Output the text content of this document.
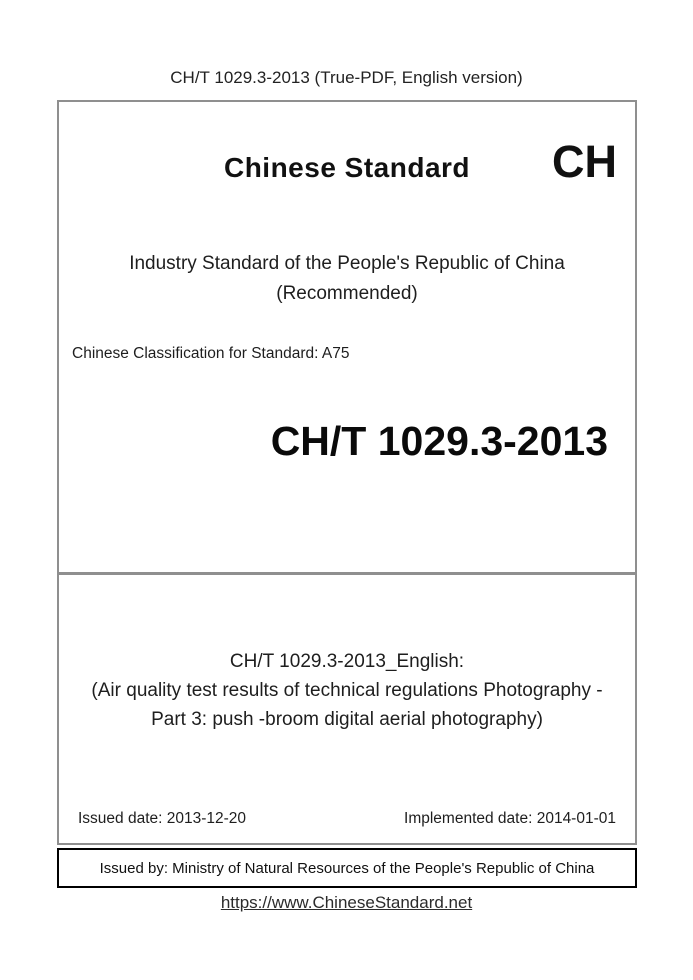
CH/T 1029.3-2013 (True-PDF, English version)
Chinese Standard	CH
Industry Standard of the People's Republic of China
(Recommended)
Chinese Classification for Standard: A75
CH/T 1029.3-2013
CH/T 1029.3-2013_English:
(Air quality test results of technical regulations Photography -
Part 3: push -broom digital aerial photography)
Issued date: 2013-12-20	Implemented date: 2014-01-01
Issued by: Ministry of Natural Resources of the People's Republic of China
https://www.ChineseStandard.net
